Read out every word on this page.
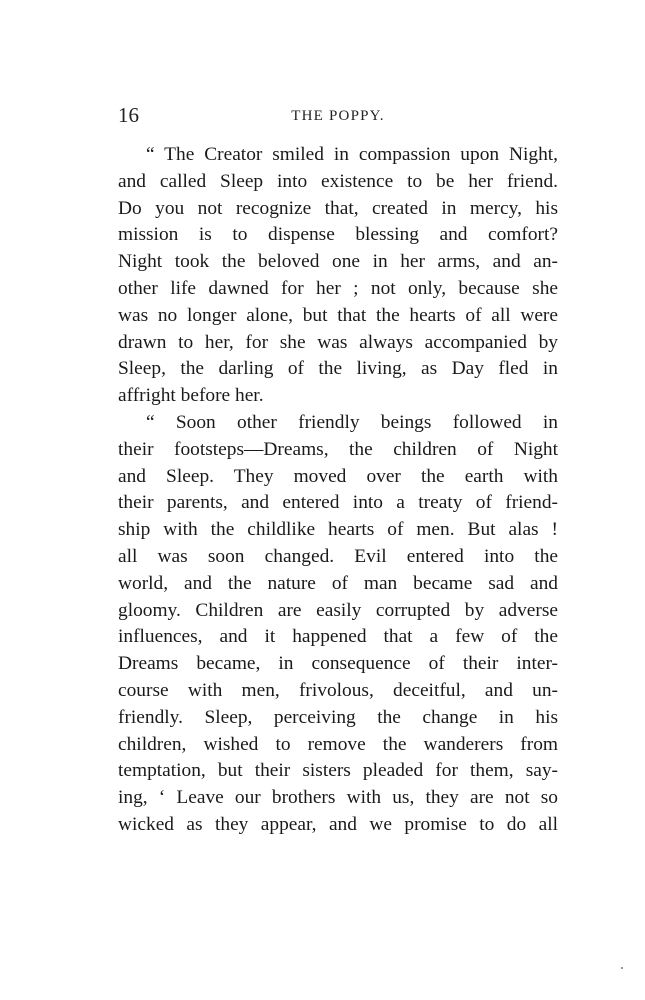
16	THE POPPY.
“ The Creator smiled in compassion upon Night,
and called Sleep into existence to be her friend.
Do you not recognize that, created in mercy, his
mission is to dispense blessing and comfort?
Night took the beloved one in her arms, and an-
other life dawned for her ; not only, because she
was no longer alone, but that the hearts of all were
drawn to her, for she was always accompanied by
Sleep, the darling of the living, as Day fled in
affright before her.
“ Soon other friendly beings followed in
their footsteps—Dreams, the children of Night
and Sleep. They moved over the earth with
their parents, and entered into a treaty of friend-
ship with the childlike hearts of men. But alas !
all was soon changed. Evil entered into the
world, and the nature of man became sad and
gloomy. Children are easily corrupted by adverse
influences, and it happened that a few of the
Dreams became, in consequence of their inter-
course with men, frivolous, deceitful, and un-
friendly. Sleep, perceiving the change in his
children, wished to remove the wanderers from
temptation, but their sisters pleaded for them, say-
ing, ‘ Leave our brothers with us, they are not so
wicked as they appear, and we promise to do all
